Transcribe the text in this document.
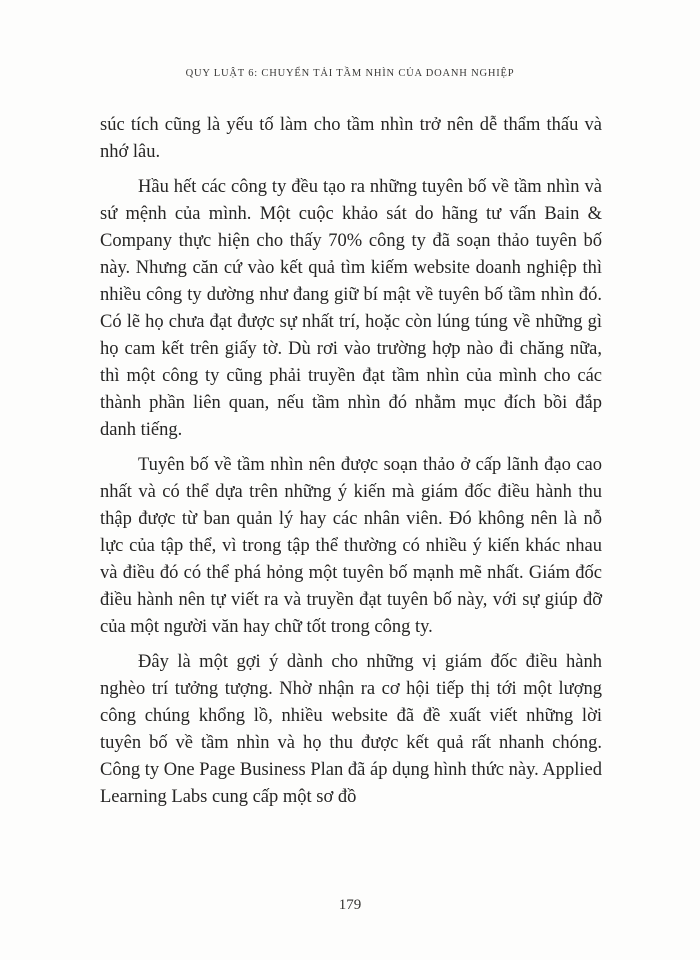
QUY LUẬT 6: CHUYỂN TẢI TẦM NHÌN CỦA DOANH NGHIỆP

súc tích cũng là yếu tố làm cho tầm nhìn trở nên dễ thẩm thấu và nhớ lâu.

Hầu hết các công ty đều tạo ra những tuyên bố về tầm nhìn và sứ mệnh của mình. Một cuộc khảo sát do hãng tư vấn Bain & Company thực hiện cho thấy 70% công ty đã soạn thảo tuyên bố này. Nhưng căn cứ vào kết quả tìm kiếm website doanh nghiệp thì nhiều công ty dường như đang giữ bí mật về tuyên bố tầm nhìn đó. Có lẽ họ chưa đạt được sự nhất trí, hoặc còn lúng túng về những gì họ cam kết trên giấy tờ. Dù rơi vào trường hợp nào đi chăng nữa, thì một công ty cũng phải truyền đạt tầm nhìn của mình cho các thành phần liên quan, nếu tầm nhìn đó nhằm mục đích bồi đắp danh tiếng.

Tuyên bố về tầm nhìn nên được soạn thảo ở cấp lãnh đạo cao nhất và có thể dựa trên những ý kiến mà giám đốc điều hành thu thập được từ ban quản lý hay các nhân viên. Đó không nên là nỗ lực của tập thể, vì trong tập thể thường có nhiều ý kiến khác nhau và điều đó có thể phá hỏng một tuyên bố mạnh mẽ nhất. Giám đốc điều hành nên tự viết ra và truyền đạt tuyên bố này, với sự giúp đỡ của một người văn hay chữ tốt trong công ty.

Đây là một gợi ý dành cho những vị giám đốc điều hành nghèo trí tưởng tượng. Nhờ nhận ra cơ hội tiếp thị tới một lượng công chúng khổng lồ, nhiều website đã đề xuất viết những lời tuyên bố về tầm nhìn và họ thu được kết quả rất nhanh chóng. Công ty One Page Business Plan đã áp dụng hình thức này. Applied Learning Labs cung cấp một sơ đồ

179
